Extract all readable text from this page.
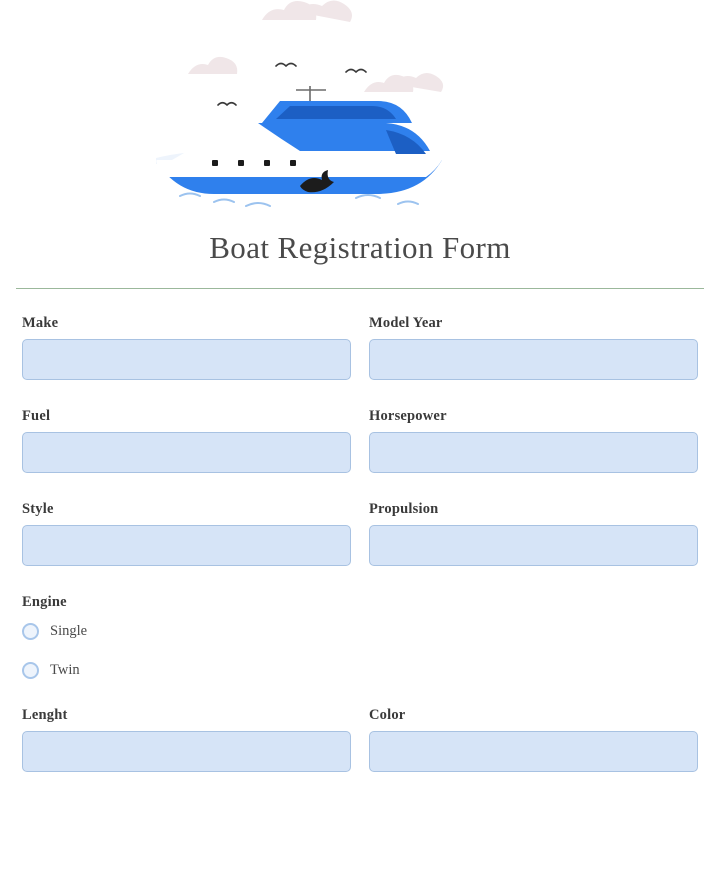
Boat Registration Form
Make	Model Year
Fuel	Horsepower
Style	Propulsion
Engine
Single
Twin
Lenght	Color
